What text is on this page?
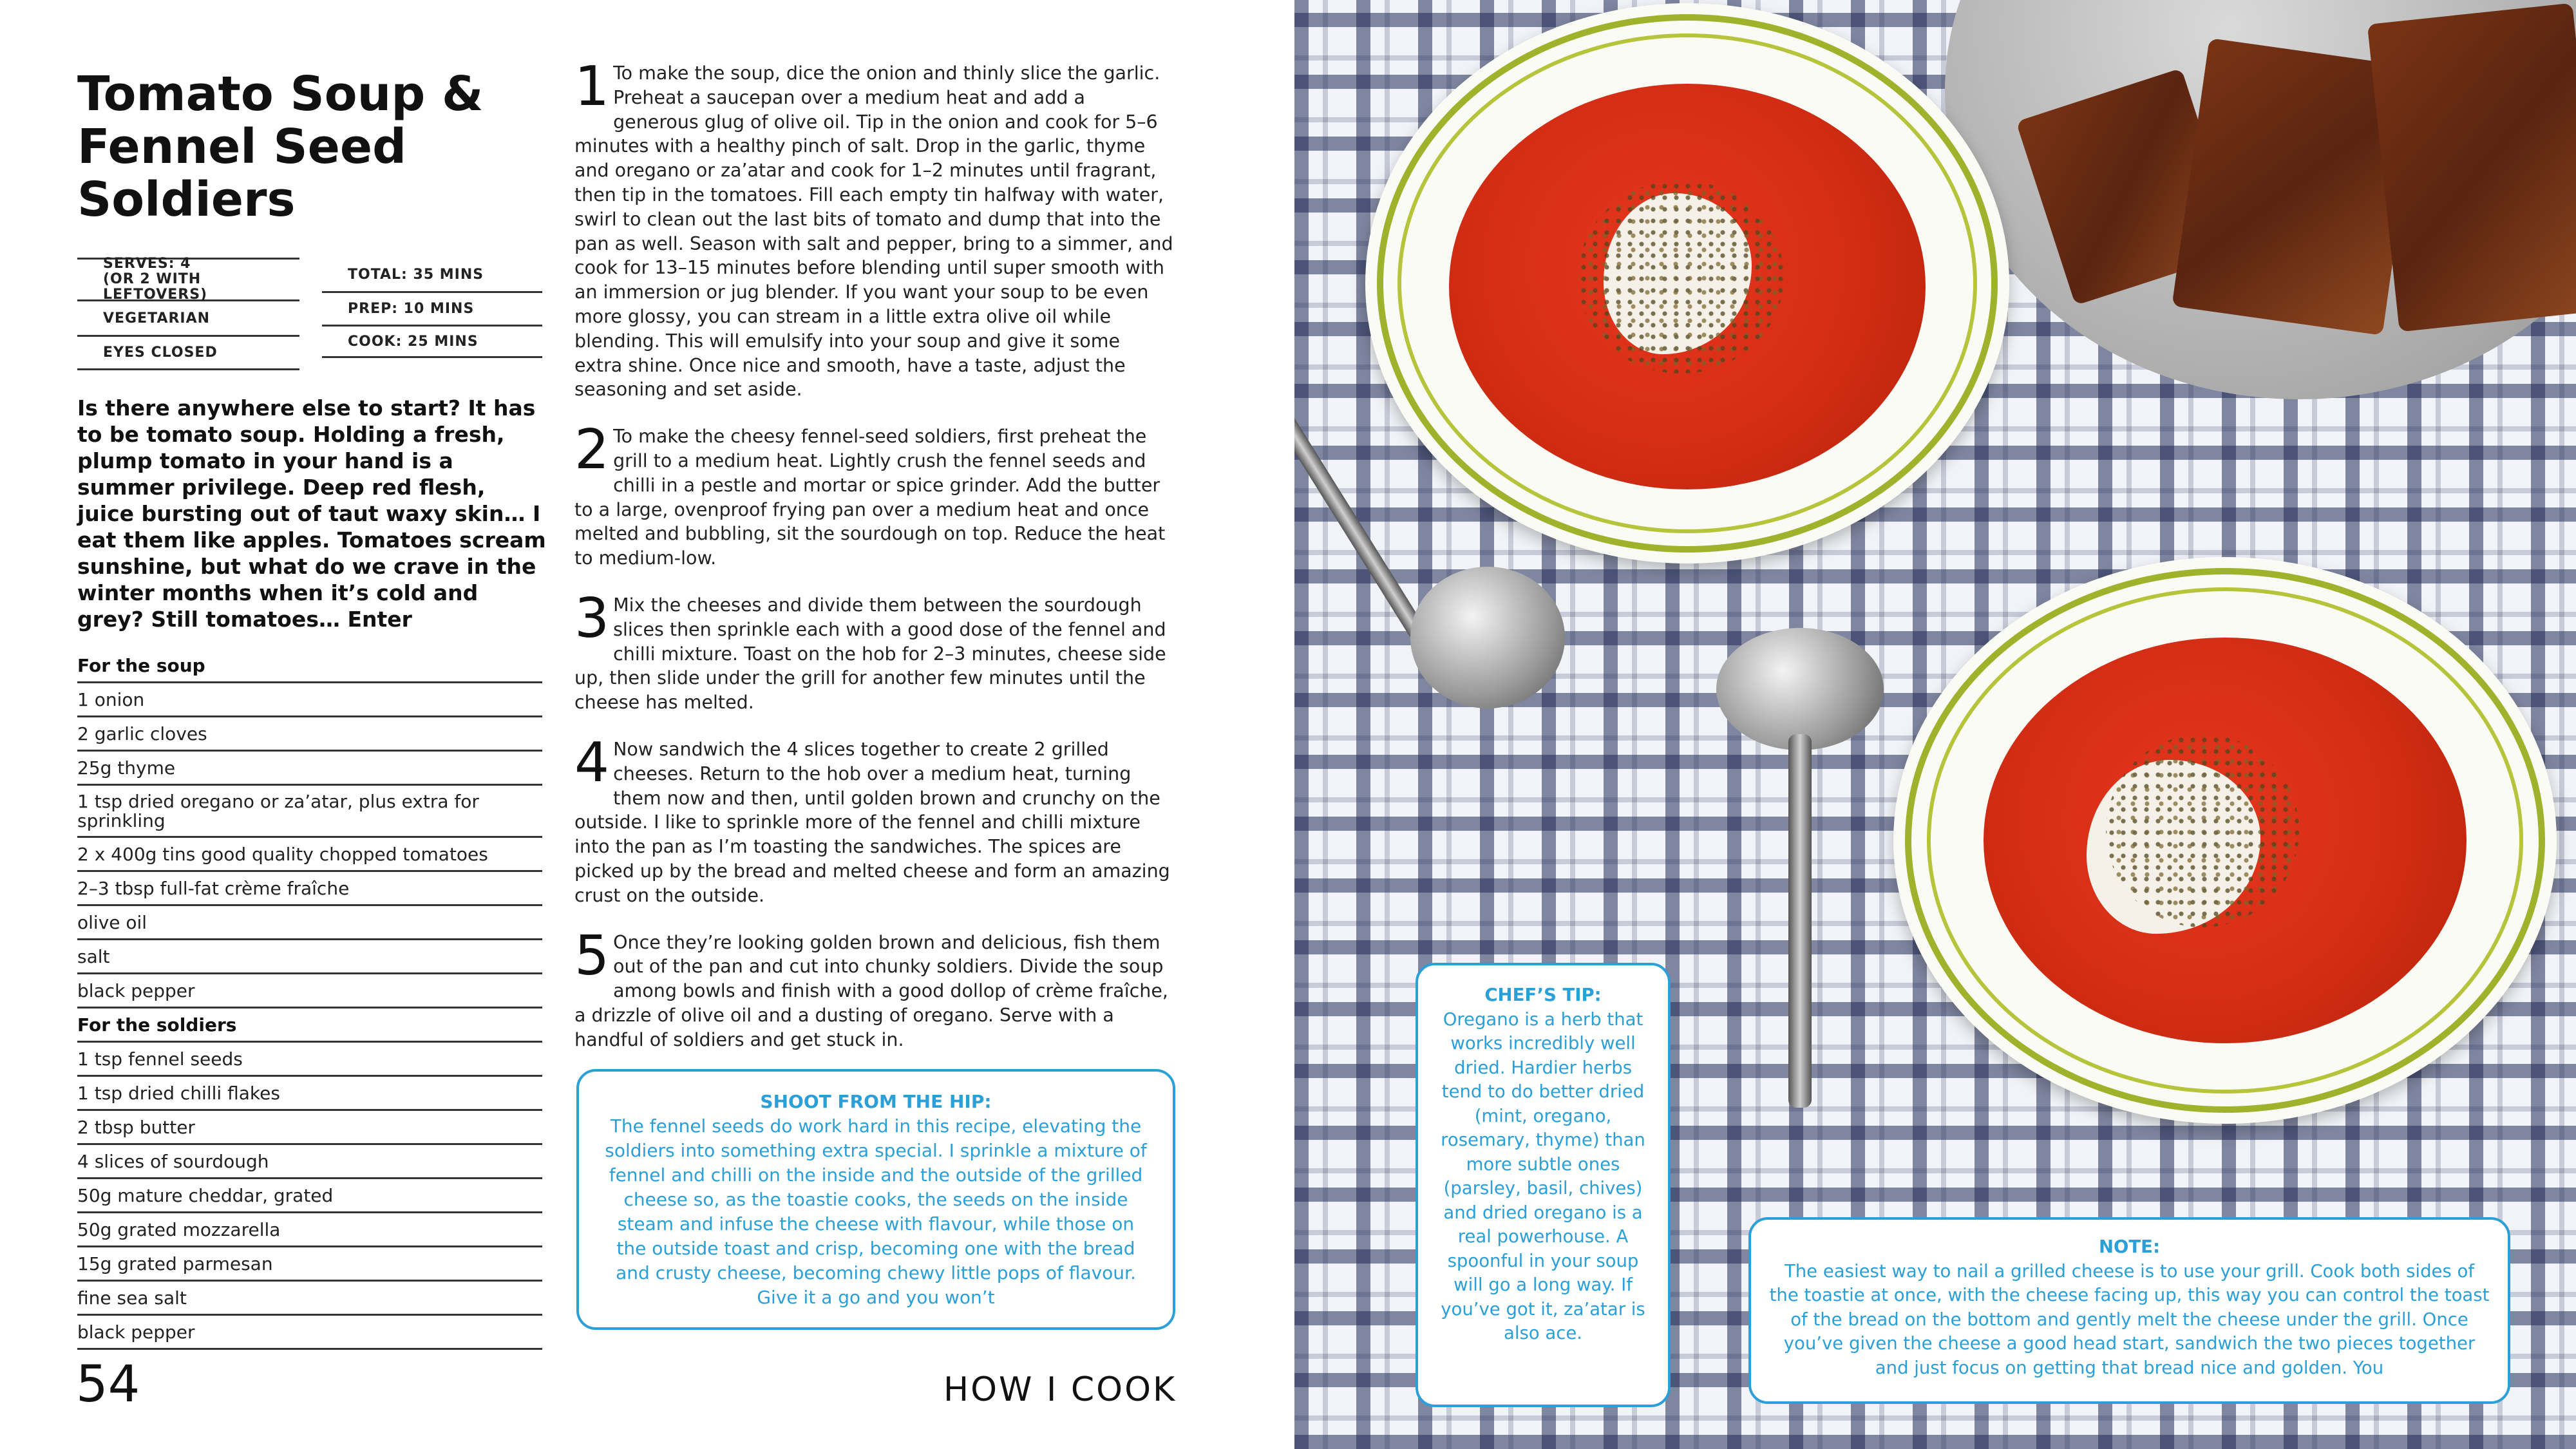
Tomato Soup & Fennel Seed Soldiers
SERVES: 4
(OR 2 WITH LEFTOVERS)
VEGETARIAN
EYES CLOSED
TOTAL: 35 MINS
PREP: 10 MINS
COOK: 25 MINS

Is there anywhere else to start? It has to be tomato soup. Holding a fresh, plump tomato in your hand is a summer privilege. Deep red flesh, juice bursting out of taut waxy skin… I eat them like apples. Tomatoes scream sunshine, but what do we crave in the winter months when it’s cold and grey? Still tomatoes… Enter

For the soup
1 onion
2 garlic cloves
25g thyme
1 tsp dried oregano or za’atar, plus extra for sprinkling
2 x 400g tins good quality chopped tomatoes
2–3 tbsp full-fat crème fraîche
olive oil
salt
black pepper
For the soldiers
1 tsp fennel seeds
1 tsp dried chilli flakes
2 tbsp butter
4 slices of sourdough
50g mature cheddar, grated
50g grated mozzarella
15g grated parmesan
fine sea salt
black pepper
54	HOW I COOK

1 To make the soup, dice the onion and thinly slice the garlic. Preheat a saucepan over a medium heat and add a generous glug of olive oil. Tip in the onion and cook for 5–6 minutes with a healthy pinch of salt. Drop in the garlic, thyme and oregano or za’atar and cook for 1–2 minutes until fragrant, then tip in the tomatoes. Fill each empty tin halfway with water, swirl to clean out the last bits of tomato and dump that into the pan as well. Season with salt and pepper, bring to a simmer, and cook for 13–15 minutes before blending until super smooth with an immersion or jug blender. If you want your soup to be even more glossy, you can stream in a little extra olive oil while blending. This will emulsify into your soup and give it some extra shine. Once nice and smooth, have a taste, adjust the seasoning and set aside.

2 To make the cheesy fennel-seed soldiers, first preheat the grill to a medium heat. Lightly crush the fennel seeds and chilli in a pestle and mortar or spice grinder. Add the butter to a large, ovenproof frying pan over a medium heat and once melted and bubbling, sit the sourdough on top. Reduce the heat to medium-low.

3 Mix the cheeses and divide them between the sourdough slices then sprinkle each with a good dose of the fennel and chilli mixture. Toast on the hob for 2–3 minutes, cheese side up, then slide under the grill for another few minutes until the cheese has melted.

4 Now sandwich the 4 slices together to create 2 grilled cheeses. Return to the hob over a medium heat, turning them now and then, until golden brown and crunchy on the outside. I like to sprinkle more of the fennel and chilli mixture into the pan as I’m toasting the sandwiches. The spices are picked up by the bread and melted cheese and form an amazing crust on the outside.

5 Once they’re looking golden brown and delicious, fish them out of the pan and cut into chunky soldiers. Divide the soup among bowls and finish with a good dollop of crème fraîche, a drizzle of olive oil and a dusting of oregano. Serve with a handful of soldiers and get stuck in.

SHOOT FROM THE HIP:
The fennel seeds do work hard in this recipe, elevating the soldiers into something extra special. I sprinkle a mixture of fennel and chilli on the inside and the outside of the grilled cheese so, as the toastie cooks, the seeds on the inside steam and infuse the cheese with flavour, while those on the outside toast and crisp, becoming one with the bread and crusty cheese, becoming chewy little pops of flavour. Give it a go and you won’t
CHEF’S TIP:
Oregano is a herb that works incredibly well dried. Hardier herbs tend to do better dried (mint, oregano, rosemary, thyme) than more subtle ones (parsley, basil, chives) and dried oregano is a real powerhouse. A spoonful in your soup will go a long way. If you’ve got it, za’atar is also ace.
NOTE:
The easiest way to nail a grilled cheese is to use your grill. Cook both sides of the toastie at once, with the cheese facing up, this way you can control the toast of the bread on the bottom and gently melt the cheese under the grill. Once you’ve given the cheese a good head start, sandwich the two pieces together and just focus on getting that bread nice and golden. You
